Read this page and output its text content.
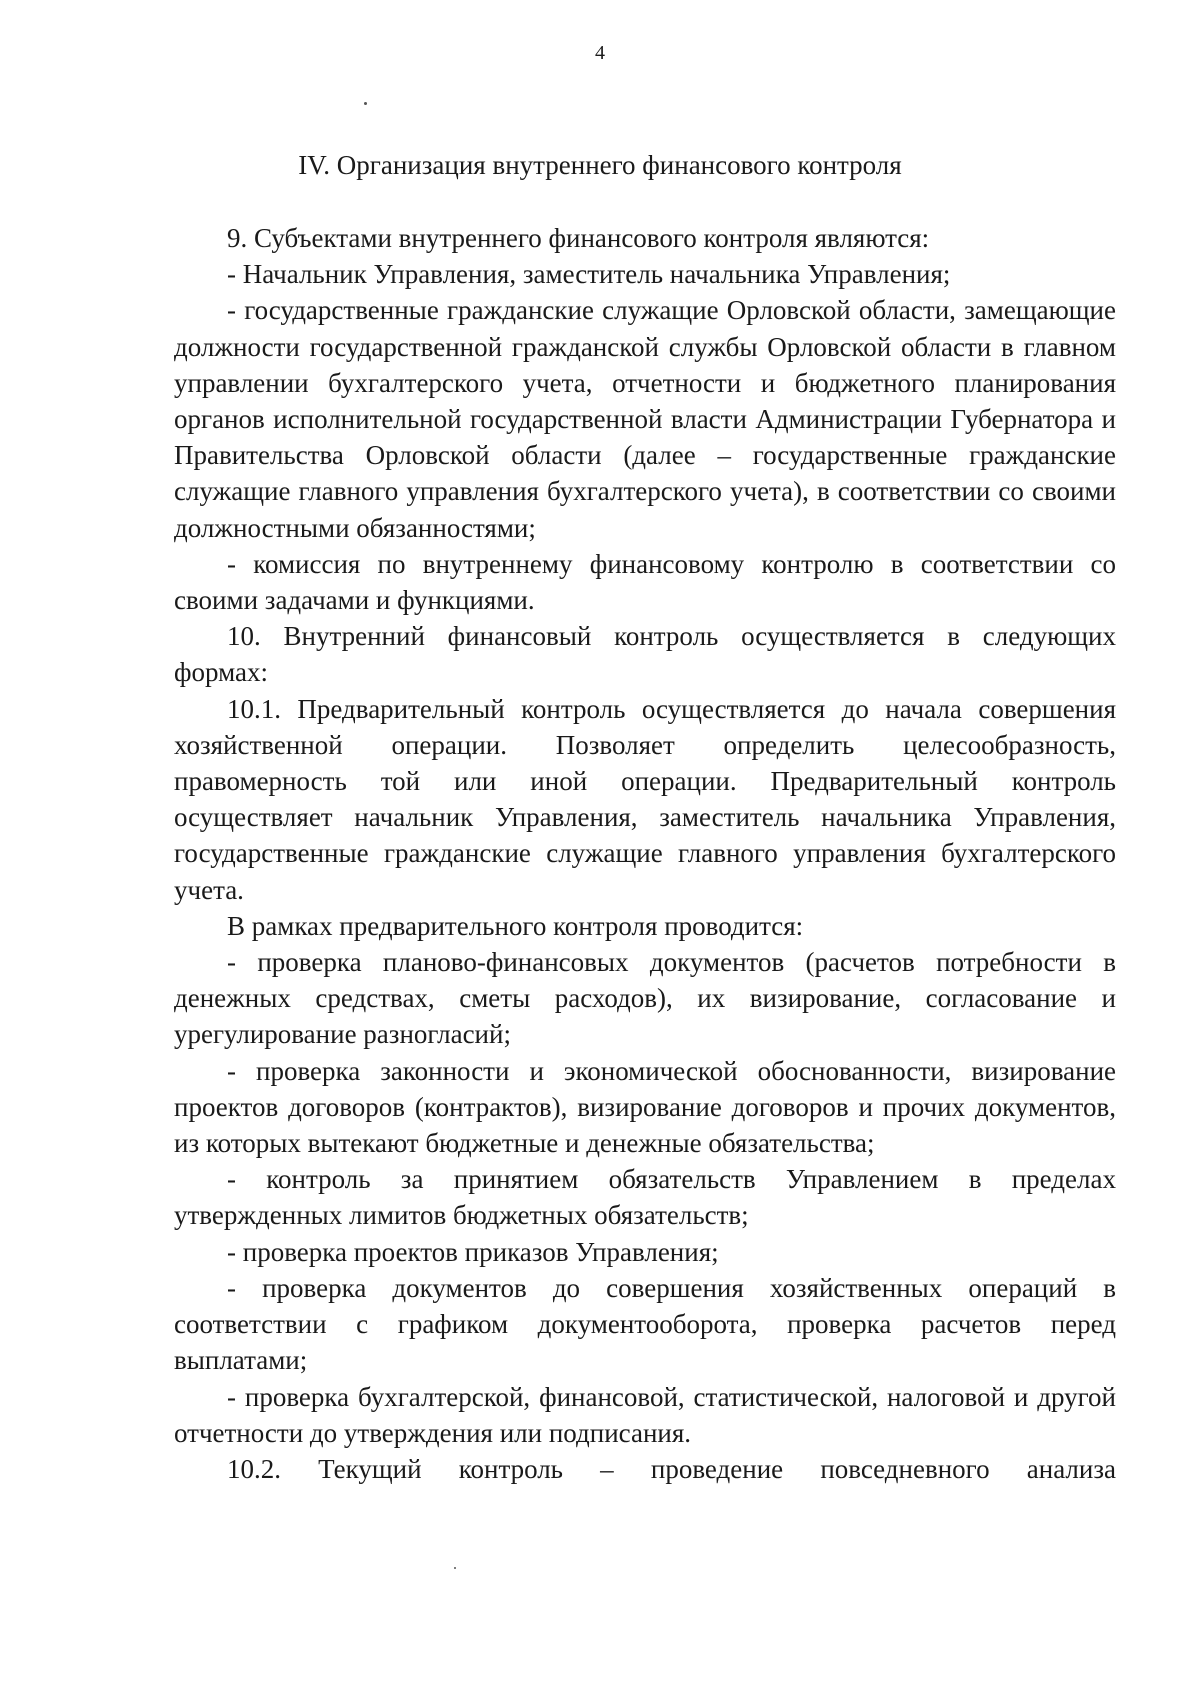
4
IV. Организация внутреннего финансового контроля

9. Субъектами внутреннего финансового контроля являются:

- Начальник Управления, заместитель начальника Управления;

- государственные гражданские служащие Орловской области, замещающие должности государственной гражданской службы Орловской области в главном управлении бухгалтерского учета, отчетности и бюджетного планирования органов исполнительной государственной власти Администрации Губернатора и Правительства Орловской области (далее – государственные гражданские служащие главного управления бухгалтерского учета), в соответствии со своими должностными обязанностями;

- комиссия по внутреннему финансовому контролю в соответствии со своими задачами и функциями.

10. Внутренний финансовый контроль осуществляется в следующих формах:

10.1. Предварительный контроль осуществляется до начала совершения хозяйственной операции. Позволяет определить целесообразность, правомерность той или иной операции. Предварительный контроль осуществляет начальник Управления, заместитель начальника Управления, государственные гражданские служащие главного управления бухгалтерского учета.

В рамках предварительного контроля проводится:

- проверка планово-финансовых документов (расчетов потребности в денежных средствах, сметы расходов), их визирование, согласование и урегулирование разногласий;

- проверка законности и экономической обоснованности, визирование проектов договоров (контрактов), визирование договоров и прочих документов, из которых вытекают бюджетные и денежные обязательства;

- контроль за принятием обязательств Управлением в пределах утвержденных лимитов бюджетных обязательств;

- проверка проектов приказов Управления;

- проверка документов до совершения хозяйственных операций в соответствии с графиком документооборота, проверка расчетов перед выплатами;

- проверка бухгалтерской, финансовой, статистической, налоговой и другой отчетности до утверждения или подписания.

10.2. Текущий контроль – проведение повседневного анализа
